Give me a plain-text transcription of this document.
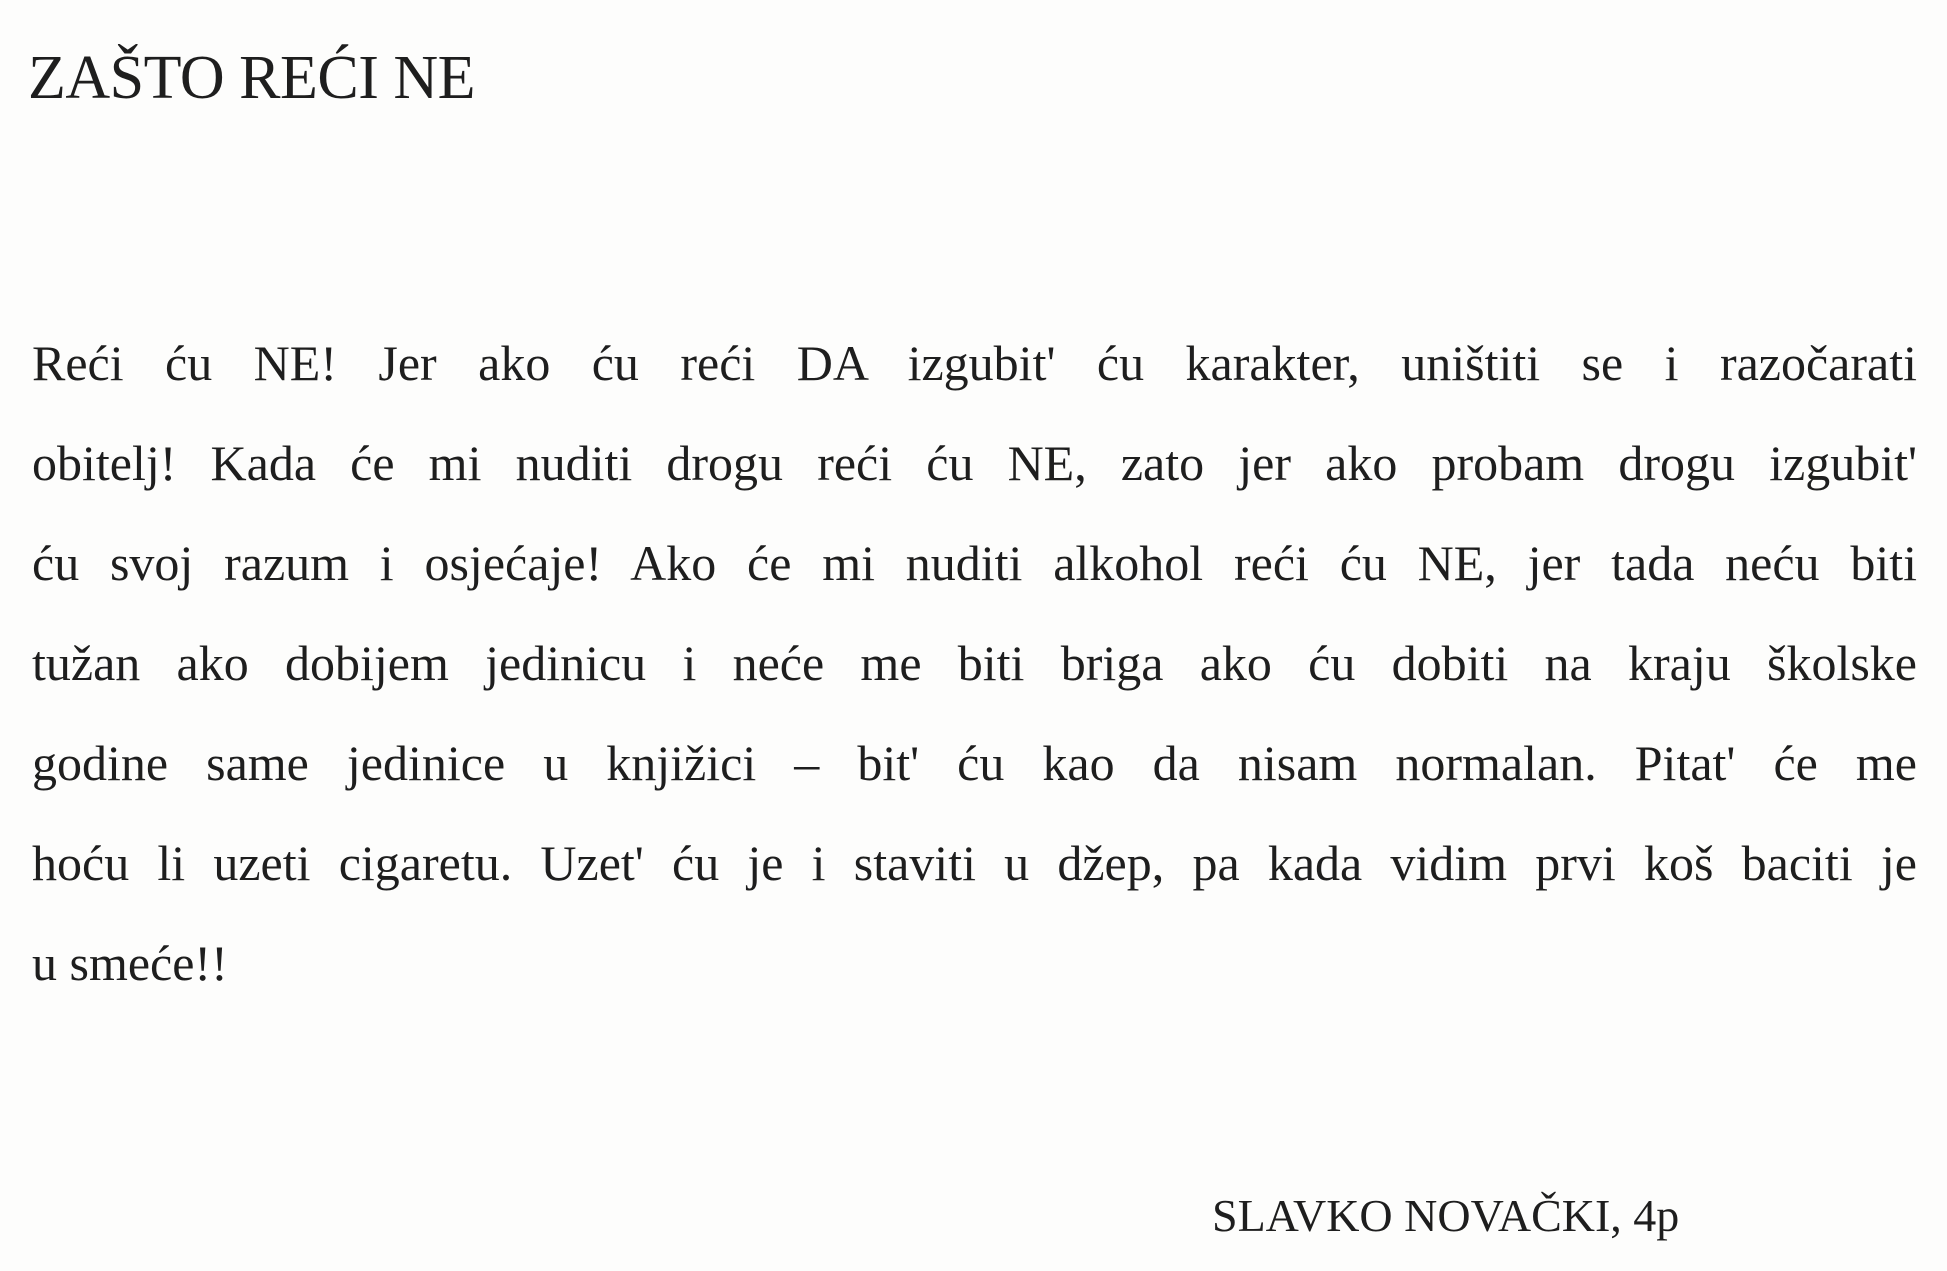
ZAŠTO REĆI NE
Reći ću NE! Jer ako ću reći DA izgubit' ću karakter, uništiti se i razočarati
obitelj! Kada će mi nuditi drogu reći ću NE, zato jer ako probam drogu izgubit'
ću svoj razum i osjećaje! Ako će mi nuditi alkohol reći ću NE, jer tada neću biti
tužan ako dobijem jedinicu i neće me biti briga ako ću dobiti na kraju školske
godine same jedinice u knjižici – bit' ću kao da nisam normalan. Pitat' će me
hoću li uzeti cigaretu. Uzet' ću je i staviti u džep, pa kada vidim prvi koš baciti je
u smeće!!

SLAVKO NOVAČKI, 4p
